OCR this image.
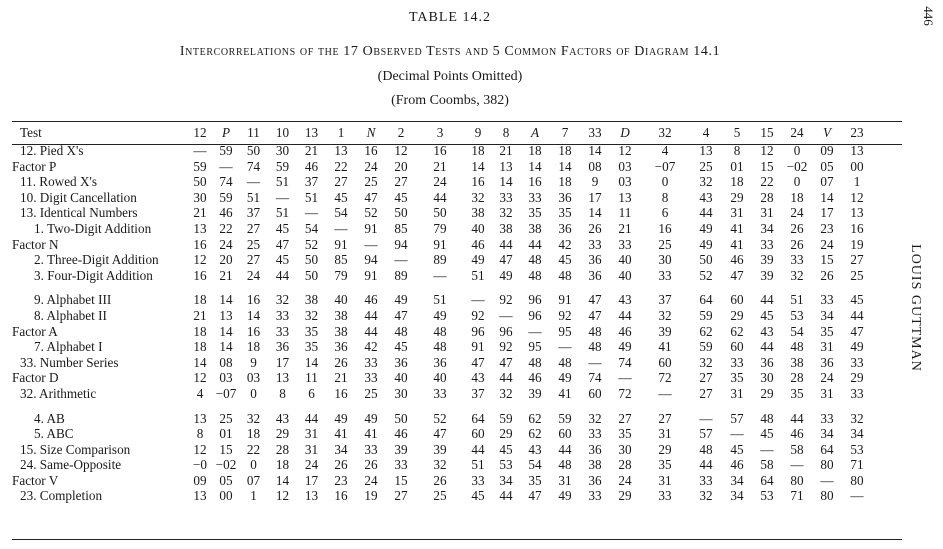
TABLE 14.2
Intercorrelations of the 17 Observed Tests and 5 Common Factors of Diagram 14.1
(Decimal Points Omitted)
(From Coombs, 382)
446
LOUIS GUTTMAN
Test	12	P	11	10	13	1	N	2	3	9	8	A	7	33	D	32	4	5	15	24	V	23
12. Pied X's	—	59	50	30	21	13	16	12	16	18	21	18	18	14	12	4	13	8	12	0	09	13
Factor P	59	—	74	59	46	22	24	20	21	14	13	14	14	08	03	−07	25	01	15	−02	05	00
11. Rowed X's	50	74	—	51	37	27	25	27	24	16	14	16	18	9	03	0	32	18	22	0	07	1
10. Digit Cancellation	30	59	51	—	51	45	47	45	44	32	33	33	36	17	13	8	43	29	28	18	14	12
13. Identical Numbers	21	46	37	51	—	54	52	50	50	38	32	35	35	14	11	6	44	31	31	24	17	13
1. Two-Digit Addition	13	22	27	45	54	—	91	85	79	40	38	38	36	26	21	16	49	41	34	26	23	16
Factor N	16	24	25	47	52	91	—	94	91	46	44	44	42	33	33	25	49	41	33	26	24	19
2. Three-Digit Addition	12	20	27	45	50	85	94	—	89	49	47	48	45	36	40	30	50	46	39	33	15	27
3. Four-Digit Addition	16	21	24	44	50	79	91	89	—	51	49	48	48	36	40	33	52	47	39	32	26	25

9. Alphabet III	18	14	16	32	38	40	46	49	51	—	92	96	91	47	43	37	64	60	44	51	33	45
8. Alphabet II	21	13	14	33	32	38	44	47	49	92	—	96	92	47	44	32	59	29	45	53	34	44
Factor A	18	14	16	33	35	38	44	48	48	96	96	—	95	48	46	39	62	62	43	54	35	47
7. Alphabet I	18	14	18	36	35	36	42	45	48	91	92	95	—	48	49	41	59	60	44	48	31	49
33. Number Series	14	08	9	17	14	26	33	36	36	47	47	48	48	—	74	60	32	33	36	38	36	33
Factor D	12	03	03	13	11	21	33	40	40	43	44	46	49	74	—	72	27	35	30	28	24	29
32. Arithmetic	4	−07	0	8	6	16	25	30	33	37	32	39	41	60	72	—	27	31	29	35	31	33

4. AB	13	25	32	43	44	49	49	50	52	64	59	62	59	32	27	27	—	57	48	44	33	32
5. ABC	8	01	18	29	31	41	41	46	47	60	29	62	60	33	35	31	57	—	45	46	34	34
15. Size Comparison	12	15	22	28	31	34	33	39	39	44	45	43	44	36	30	29	48	45	—	58	64	53
24. Same-Opposite	−0	−02	0	18	24	26	26	33	32	51	53	54	48	38	28	35	44	46	58	—	80	71
Factor V	09	05	07	14	17	23	24	15	26	33	34	35	31	36	24	31	33	34	64	80	—	80
23. Completion	13	00	1	12	13	16	19	27	25	45	44	47	49	33	29	33	32	34	53	71	80	—
